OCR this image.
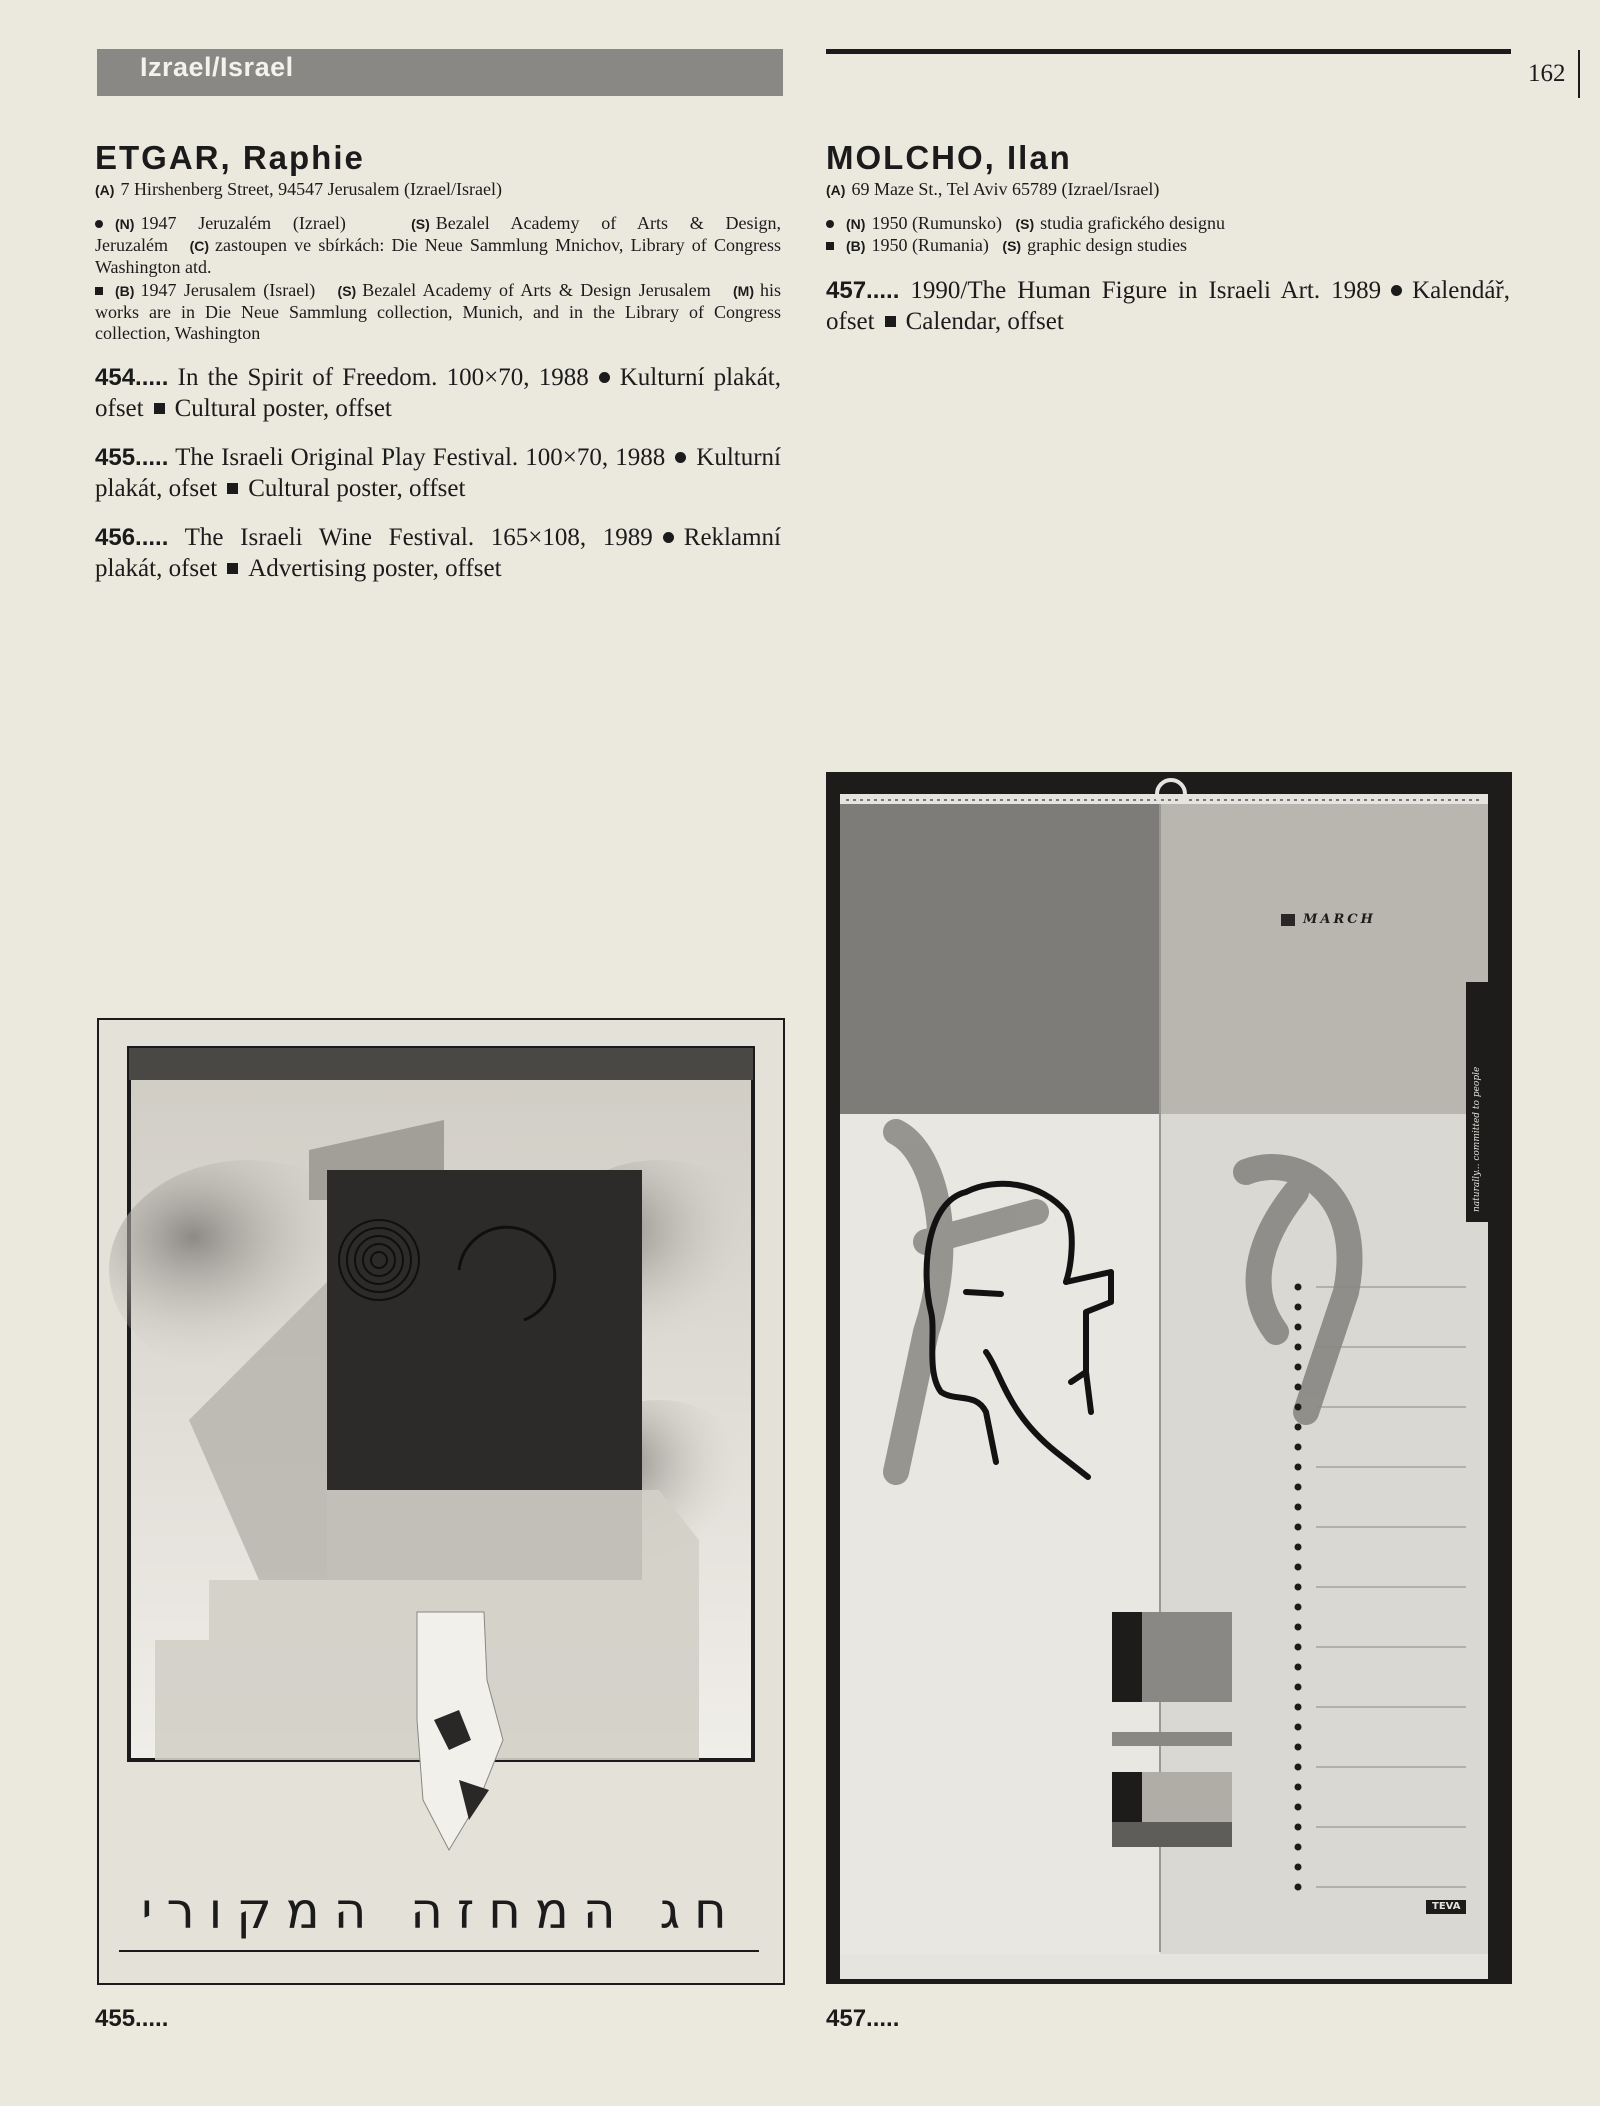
Izrael/Israel	162
ETGAR, Raphie
(A) 7 Hirshenberg Street, 94547 Jerusalem (Izrael/Israel)
(N) 1947 Jeruzalém (Izrael)	(S) Bezalel Academy of Arts & Design, Jeruzalém (C) zastoupen ve sbírkách: Die Neue Sammlung Mnichov, Library of Congress Washington atd.
(B) 1947 Jerusalem (Israel) (S) Bezalel Academy of Arts & Design Jerusalem (M) his works are in Die Neue Sammlung collection, Munich, and in the Library of Congress collection, Washington
454..... In the Spirit of Freedom. 100×70, 1988 Kulturní plakát, ofset Cultural poster, offset
455..... The Israeli Original Play Festival. 100×70, 1988 Kulturní plakát, ofset Cultural poster, offset
456..... The Israeli Wine Festival. 165×108, 1989 Reklamní plakát, ofset Advertising poster, offset
חג המחזה המקורי
455.....
MOLCHO, Ilan
(A) 69 Maze St., Tel Aviv 65789 (Izrael/Israel)
(N) 1950 (Rumunsko) (S) studia grafického designu
(B) 1950 (Rumania) (S) graphic design studies
457..... 1990/The Human Figure in Israeli Art. 1989 Kalendář, ofset Calendar, offset
MARCH
TEVA
naturally... committed to people
457.....
